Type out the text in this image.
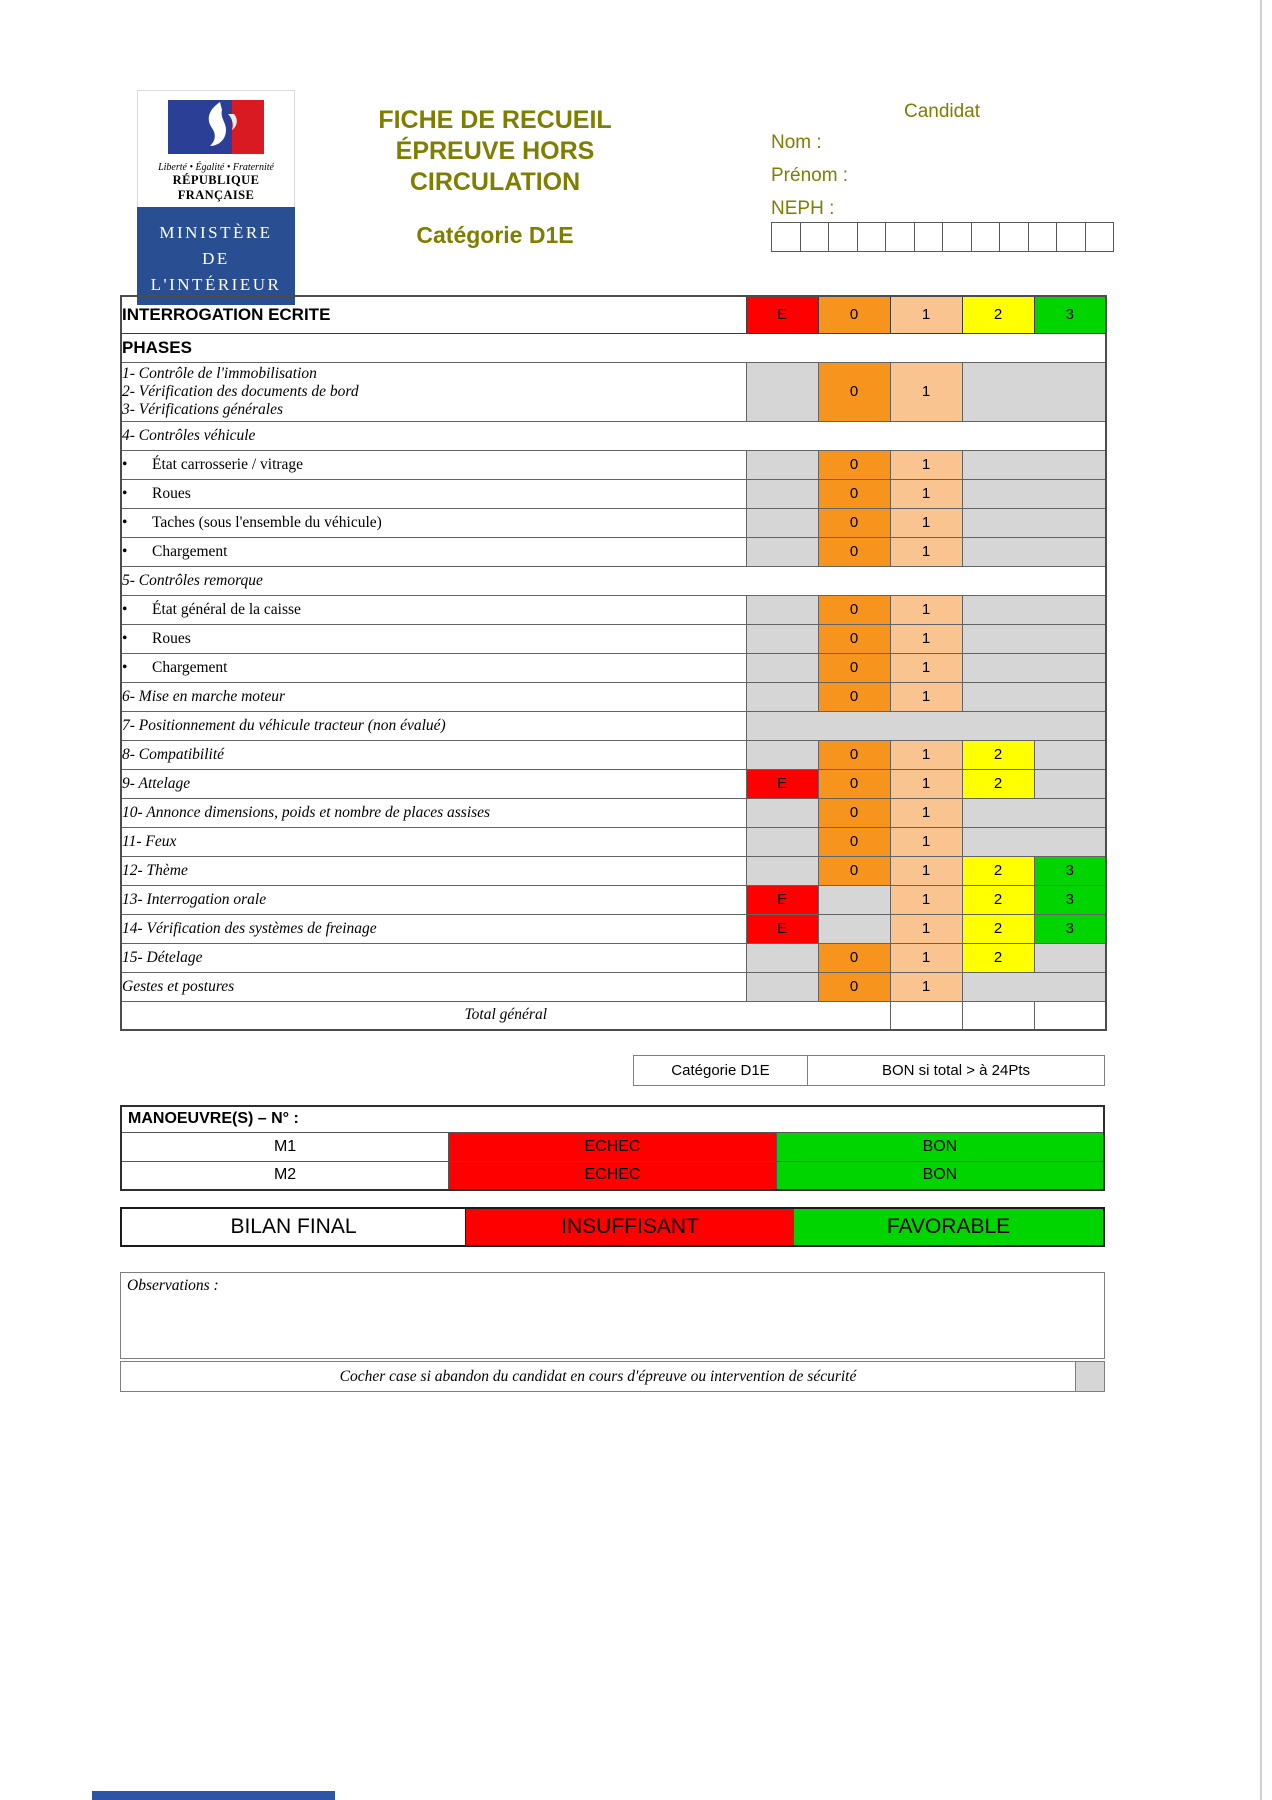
Liberté • Égalité • Fraternité
RÉPUBLIQUE FRANÇAISE
MINISTÈRE
DE
L'INTÉRIEUR
FICHE DE RECUEIL
ÉPREUVE HORS
CIRCULATION
Catégorie D1E
Candidat
Nom :
Prénom :
NEPH :
INTERROGATION ECRITE	E	0	1	2	3
PHASES					

1- Contrôle de l'immobilisation
2- Vérification des documents de bord
3- Vérifications générales		0	1		
4- Contrôles véhicule					
• État carrosserie / vitrage		0	1		
• Roues		0	1		
• Taches (sous l'ensemble du véhicule)		0	1		
• Chargement		0	1		
5- Contrôles remorque					
• État général de la caisse		0	1		
• Roues		0	1		
• Chargement		0	1		
6- Mise en marche moteur		0	1		
7- Positionnement du véhicule tracteur (non évalué)					
8- Compatibilité		0	1	2	
9- Attelage	E	0	1	2	
10- Annonce dimensions, poids et nombre de places assises		0	1		
11- Feux		0	1		
12- Thème		0	1	2	3
13- Interrogation orale	E		1	2	3
14- Vérification des systèmes de freinage	E		1	2	3
15- Dételage		0	1	2	
Gestes et postures		0	1		
Total général					
Catégorie D1E	BON si total > à 24Pts
MANOEUVRE(S) – N° :		
M1	ECHEC	BON
M2	ECHEC	BON
BILAN FINAL	INSUFFISANT	FAVORABLE
Observations :
Cocher case si abandon du candidat en cours d'épreuve ou intervention de sécurité
